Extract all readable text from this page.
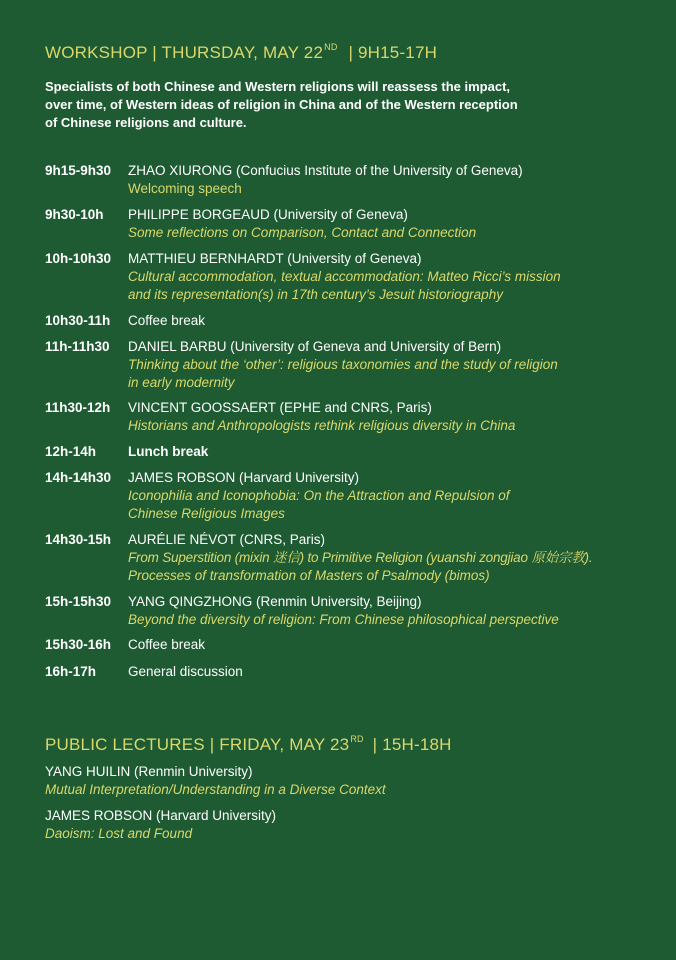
WORKSHOP | THURSDAY, MAY 22ND | 9H15-17H
Specialists of both Chinese and Western religions will reassess the impact,
over time, of Western ideas of religion in China and of the Western reception
of Chinese religions and culture.
9h15-9h30	ZHAO XIURONG (Confucius Institute of the University of Geneva)
Welcoming speech
9h30-10h	PHILIPPE BORGEAUD (University of Geneva)
Some reflections on Comparison, Contact and Connection
10h-10h30	MATTHIEU BERNHARDT (University of Geneva)
Cultural accommodation, textual accommodation: Matteo Ricci’s mission
and its representation(s) in 17th century’s Jesuit historiography
10h30-11h	Coffee break
11h-11h30	DANIEL BARBU (University of Geneva and University of Bern)
Thinking about the ‘other’: religious taxonomies and the study of religion
in early modernity
11h30-12h	VINCENT GOOSSAERT (EPHE and CNRS, Paris)
Historians and Anthropologists rethink religious diversity in China
12h-14h	Lunch break
14h-14h30	JAMES ROBSON (Harvard University)
Iconophilia and Iconophobia: On the Attraction and Repulsion of
Chinese Religious Images
14h30-15h	AURÉLIE NÉVOT (CNRS, Paris)
From Superstition (mixin 迷信) to Primitive Religion (yuanshi zongjiao 原始宗教).
Processes of transformation of Masters of Psalmody (bimos)
15h-15h30	YANG QINGZHONG (Renmin University, Beijing)
Beyond the diversity of religion: From Chinese philosophical perspective
15h30-16h	Coffee break
16h-17h	General discussion
PUBLIC LECTURES | FRIDAY, MAY 23RD | 15H-18H
YANG HUILIN (Renmin University)
Mutual Interpretation/Understanding in a Diverse Context
JAMES ROBSON (Harvard University)
Daoism: Lost and Found
